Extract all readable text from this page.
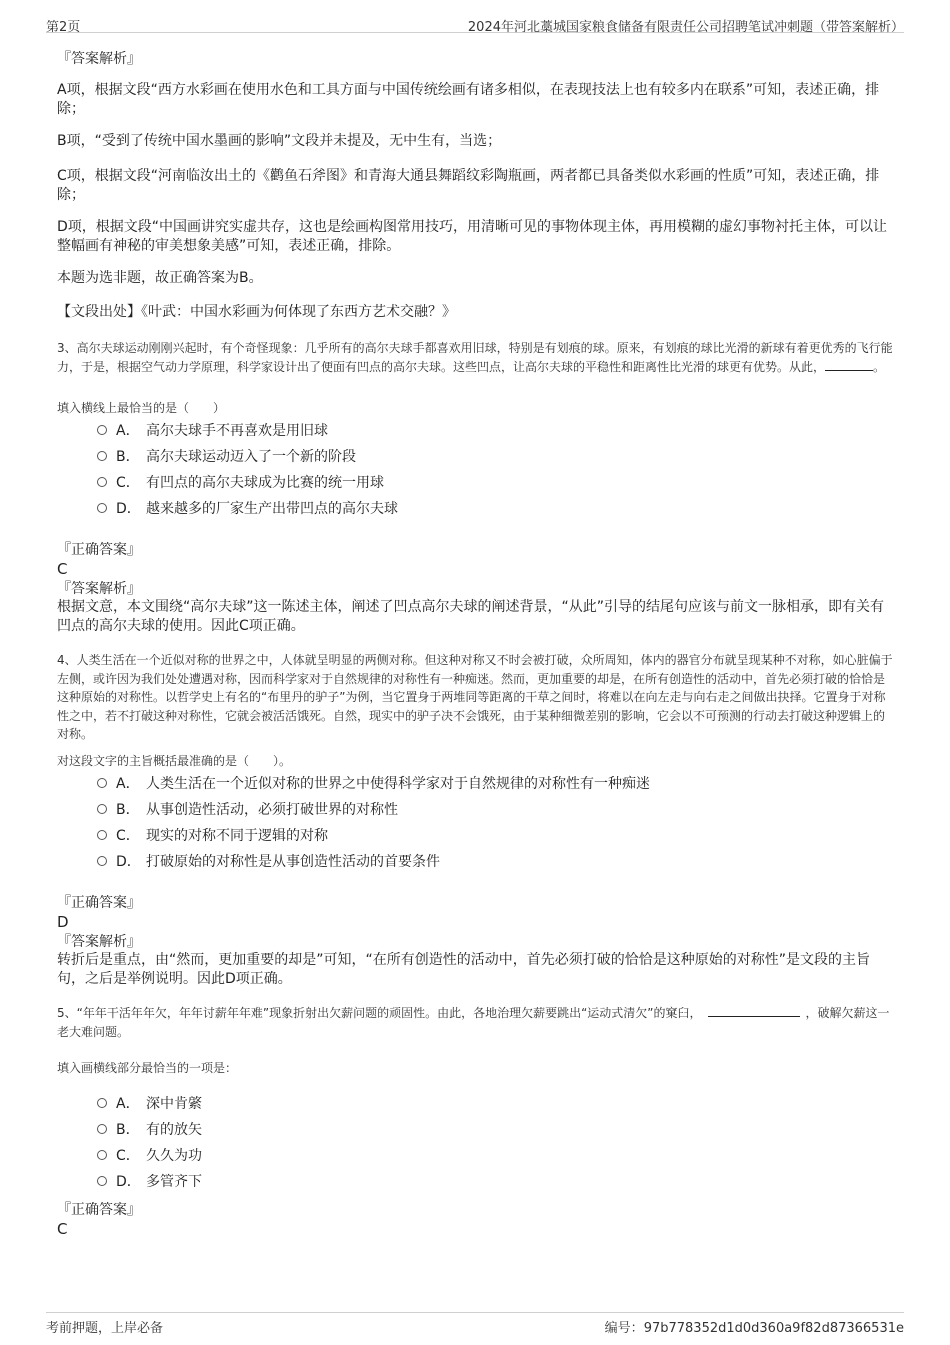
第2页	2024年河北藁城国家粮食储备有限责任公司招聘笔试冲刺题（带答案解析）
『答案解析』
A项，根据文段“西方水彩画在使用水色和工具方面与中国传统绘画有诸多相似，在表现技法上也有较多内在联系”可知，表述正确，排除；
B项，“受到了传统中国水墨画的影响”文段并未提及，无中生有，当选；
C项，根据文段“河南临汝出土的《鹳鱼石斧图》和青海大通县舞蹈纹彩陶瓶画，两者都已具备类似水彩画的性质”可知，表述正确，排除；
D项，根据文段“中国画讲究实虚共存，这也是绘画构图常用技巧，用清晰可见的事物体现主体，再用模糊的虚幻事物衬托主体，可以让整幅画有神秘的审美想象美感”可知，表述正确，排除。
本题为选非题，故正确答案为B。
【文段出处】《叶武：中国水彩画为何体现了东西方艺术交融？》
3、高尔夫球运动刚刚兴起时，有个奇怪现象：几乎所有的高尔夫球手都喜欢用旧球，特别是有划痕的球。原来，有划痕的球比光滑的新球有着更优秀的飞行能力，于是，根据空气动力学原理，科学家设计出了便面有凹点的高尔夫球。这些凹点，让高尔夫球的平稳性和距离性比光滑的球更有优势。从此，	。
填入横线上最恰当的是（　　）
A． 高尔夫球手不再喜欢是用旧球
B． 高尔夫球运动迈入了一个新的阶段
C． 有凹点的高尔夫球成为比赛的统一用球
D． 越来越多的厂家生产出带凹点的高尔夫球
『正确答案』
C
『答案解析』
根据文意，本文围绕“高尔夫球”这一陈述主体，阐述了凹点高尔夫球的阐述背景，“从此”引导的结尾句应该与前文一脉相承，即有关有凹点的高尔夫球的使用。因此C项正确。
4、人类生活在一个近似对称的世界之中，人体就呈明显的两侧对称。但这种对称又不时会被打破，众所周知，体内的器官分布就呈现某种不对称，如心脏偏于左侧，或许因为我们处处遭遇对称，因而科学家对于自然规律的对称性有一种痴迷。然而，更加重要的却是，在所有创造性的活动中，首先必须打破的恰恰是这种原始的对称性。以哲学史上有名的“布里丹的驴子”为例，当它置身于两堆同等距离的干草之间时，将难以在向左走与向右走之间做出抉择。它置身于对称性之中，若不打破这种对称性，它就会被活活饿死。自然，现实中的驴子决不会饿死，由于某种细微差别的影响，它会以不可预测的行动去打破这种逻辑上的对称。
对这段文字的主旨概括最准确的是（　　）。
A． 人类生活在一个近似对称的世界之中使得科学家对于自然规律的对称性有一种痴迷
B． 从事创造性活动，必须打破世界的对称性
C． 现实的对称不同于逻辑的对称
D． 打破原始的对称性是从事创造性活动的首要条件
『正确答案』
D
『答案解析』
转折后是重点，由“然而，更加重要的却是”可知，“在所有创造性的活动中，首先必须打破的恰恰是这种原始的对称性”是文段的主旨句，之后是举例说明。因此D项正确。
5、“年年干活年年欠，年年讨薪年年难”现象折射出欠薪问题的顽固性。由此，各地治理欠薪要跳出“运动式清欠”的窠臼，	，破解欠薪这一老大难问题。
填入画横线部分最恰当的一项是：
A． 深中肯綮
B． 有的放矢
C． 久久为功
D． 多管齐下
『正确答案』
C
考前押题，上岸必备	编号：97b778352d1d0d360a9f82d87366531e
